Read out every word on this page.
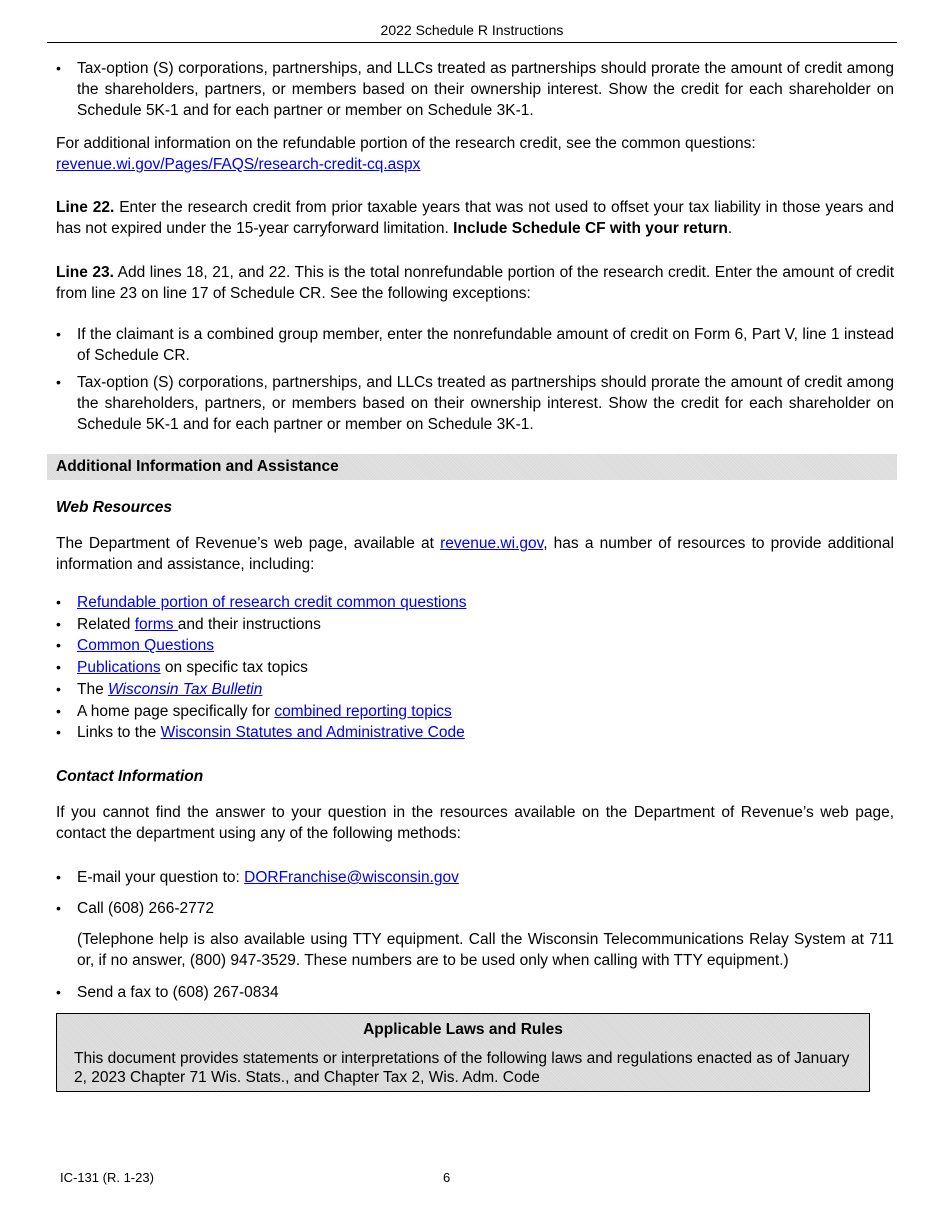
2022 Schedule R Instructions
• Tax-option (S) corporations, partnerships, and LLCs treated as partnerships should prorate the amount of credit among the shareholders, partners, or members based on their ownership interest. Show the credit for each shareholder on Schedule 5K-1 and for each partner or member on Schedule 3K-1.

For additional information on the refundable portion of the research credit, see the common questions:

revenue.wi.gov/Pages/FAQS/research-credit-cq.aspx

Line 22. Enter the research credit from prior taxable years that was not used to offset your tax liability in those years and has not expired under the 15-year carryforward limitation. Include Schedule CF with your return.

Line 23. Add lines 18, 21, and 22. This is the total nonrefundable portion of the research credit. Enter the amount of credit from line 23 on line 17 of Schedule CR. See the following exceptions:

• If the claimant is a combined group member, enter the nonrefundable amount of credit on Form 6, Part V, line 1 instead of Schedule CR.
• Tax-option (S) corporations, partnerships, and LLCs treated as partnerships should prorate the amount of credit among the shareholders, partners, or members based on their ownership interest. Show the credit for each shareholder on Schedule 5K-1 and for each partner or member on Schedule 3K-1.
Additional Information and Assistance
Web Resources

The Department of Revenue’s web page, available at revenue.wi.gov, has a number of resources to provide additional information and assistance, including:

• Refundable portion of research credit common questions
• Related forms and their instructions
• Common Questions
• Publications on specific tax topics
• The Wisconsin Tax Bulletin
• A home page specifically for combined reporting topics
• Links to the Wisconsin Statutes and Administrative Code
Contact Information

If you cannot find the answer to your question in the resources available on the Department of Revenue’s web page, contact the department using any of the following methods:

• E-mail your question to: DORFranchise@wisconsin.gov
• Call (608) 266-2772

(Telephone help is also available using TTY equipment. Call the Wisconsin Telecommunications Relay System at 711 or, if no answer, (800) 947-3529. These numbers are to be used only when calling with TTY equipment.)

• Send a fax to (608) 267-0834
Applicable Laws and Rules
This document provides statements or interpretations of the following laws and regulations enacted as of January 2, 2023 Chapter 71 Wis. Stats., and Chapter Tax 2, Wis. Adm. Code
IC-131 (R. 1-23)	6
